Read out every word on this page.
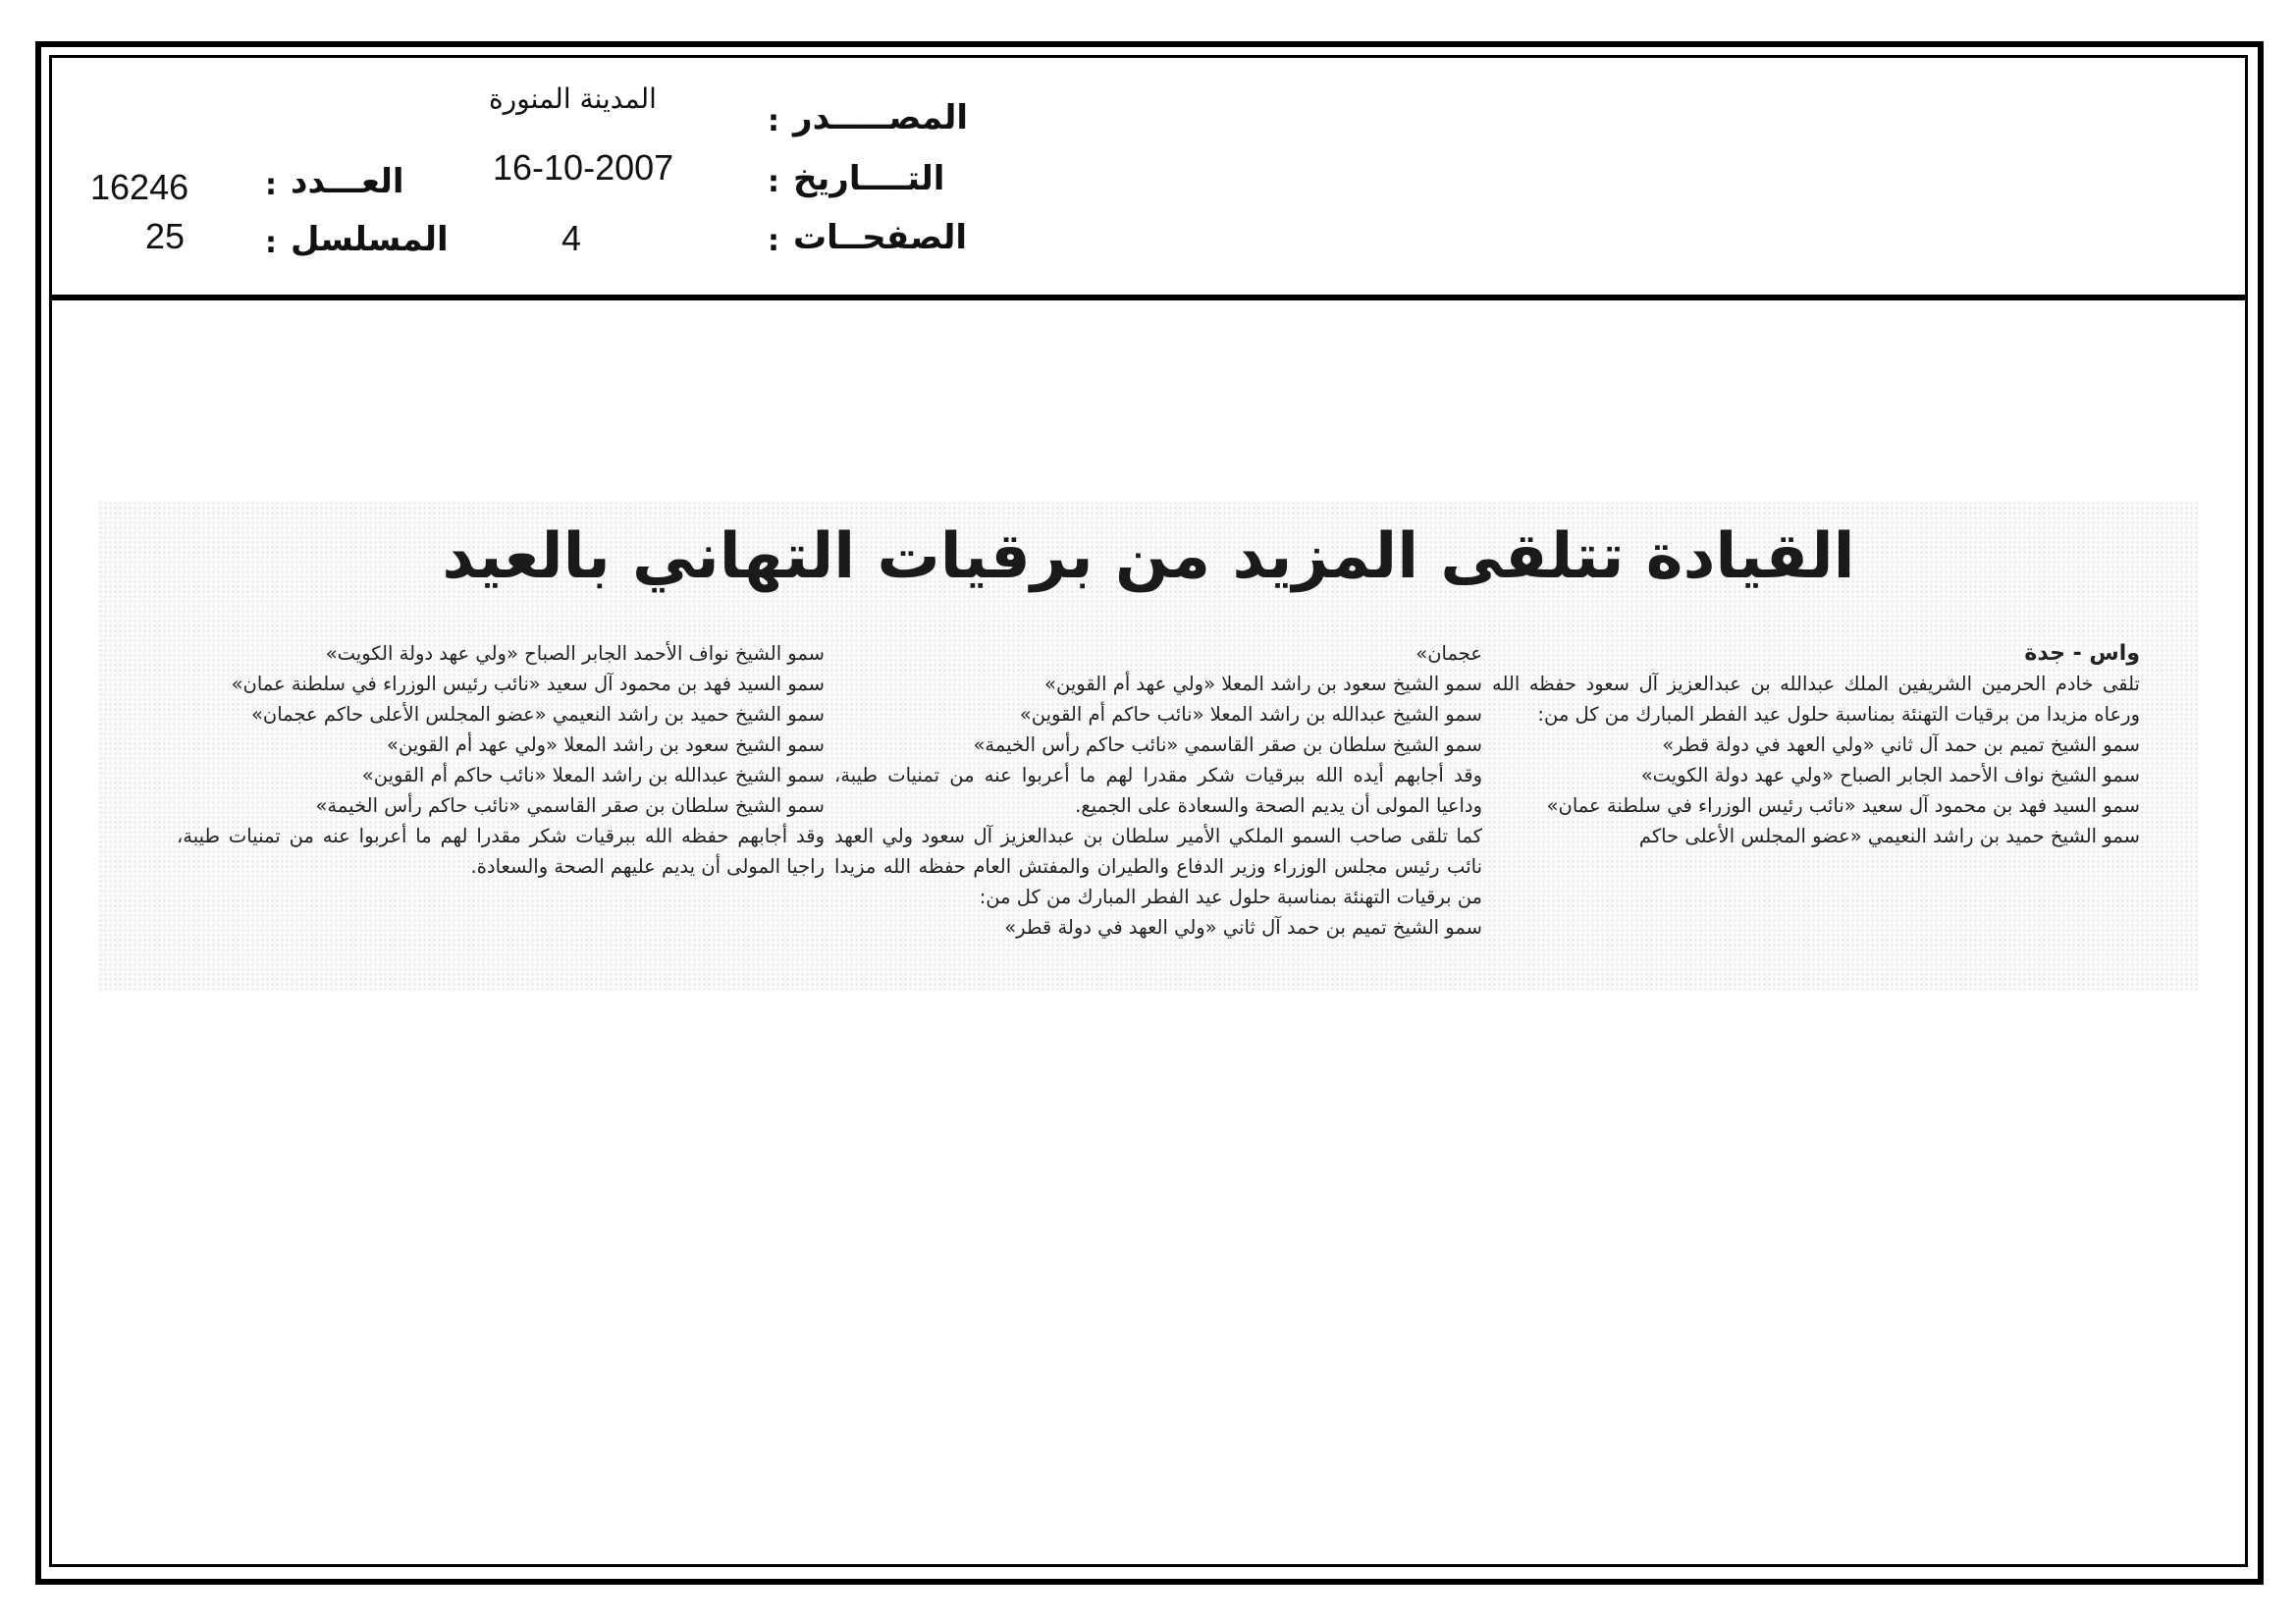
المصـــــدر
:
التــــاريخ
:
الصفحــات
:
المدينة المنورة
16-10-2007
4
العـــدد
:
المسلسل
:
16246
25
القيادة تتلقى المزيد من برقيات التهاني بالعيد

واس - جدة

تلقى خادم الحرمين الشريفين الملك عبدالله بن عبدالعزيز آل سعود حفظه الله ورعاه مزيدا من برقيات التهنئة بمناسبة حلول عيد الفطر المبارك من كل من:

سمو الشيخ تميم بن حمد آل ثاني «ولي العهد في دولة قطر»

سمو الشيخ نواف الأحمد الجابر الصباح «ولي عهد دولة الكويت»

سمو السيد فهد بن محمود آل سعيد «نائب رئيس الوزراء في سلطنة عمان»

سمو الشيخ حميد بن راشد النعيمي «عضو المجلس الأعلى حاكم

عجمان»

سمو الشيخ سعود بن راشد المعلا «ولي عهد أم القوين»

سمو الشيخ عبدالله بن راشد المعلا «نائب حاكم أم القوين»

سمو الشيخ سلطان بن صقر القاسمي «نائب حاكم رأس الخيمة»

وقد أجابهم أيده الله ببرقيات شكر مقدرا لهم ما أعربوا عنه من تمنيات طيبة، وداعيا المولى أن يديم الصحة والسعادة على الجميع.

كما تلقى صاحب السمو الملكي الأمير سلطان بن عبدالعزيز آل سعود ولي العهد نائب رئيس مجلس الوزراء وزير الدفاع والطيران والمفتش العام حفظه الله مزيدا من برقيات التهنئة بمناسبة حلول عيد الفطر المبارك من كل من:

سمو الشيخ تميم بن حمد آل ثاني «ولي العهد في دولة قطر»

سمو الشيخ نواف الأحمد الجابر الصباح «ولي عهد دولة الكويت»

سمو السيد فهد بن محمود آل سعيد «نائب رئيس الوزراء في سلطنة عمان»

سمو الشيخ حميد بن راشد النعيمي «عضو المجلس الأعلى حاكم عجمان»

سمو الشيخ سعود بن راشد المعلا «ولي عهد أم القوين»

سمو الشيخ عبدالله بن راشد المعلا «نائب حاكم أم القوين»

سمو الشيخ سلطان بن صقر القاسمي «نائب حاكم رأس الخيمة»

وقد أجابهم حفظه الله ببرقيات شكر مقدرا لهم ما أعربوا عنه من تمنيات طيبة، راجيا المولى أن يديم عليهم الصحة والسعادة.
